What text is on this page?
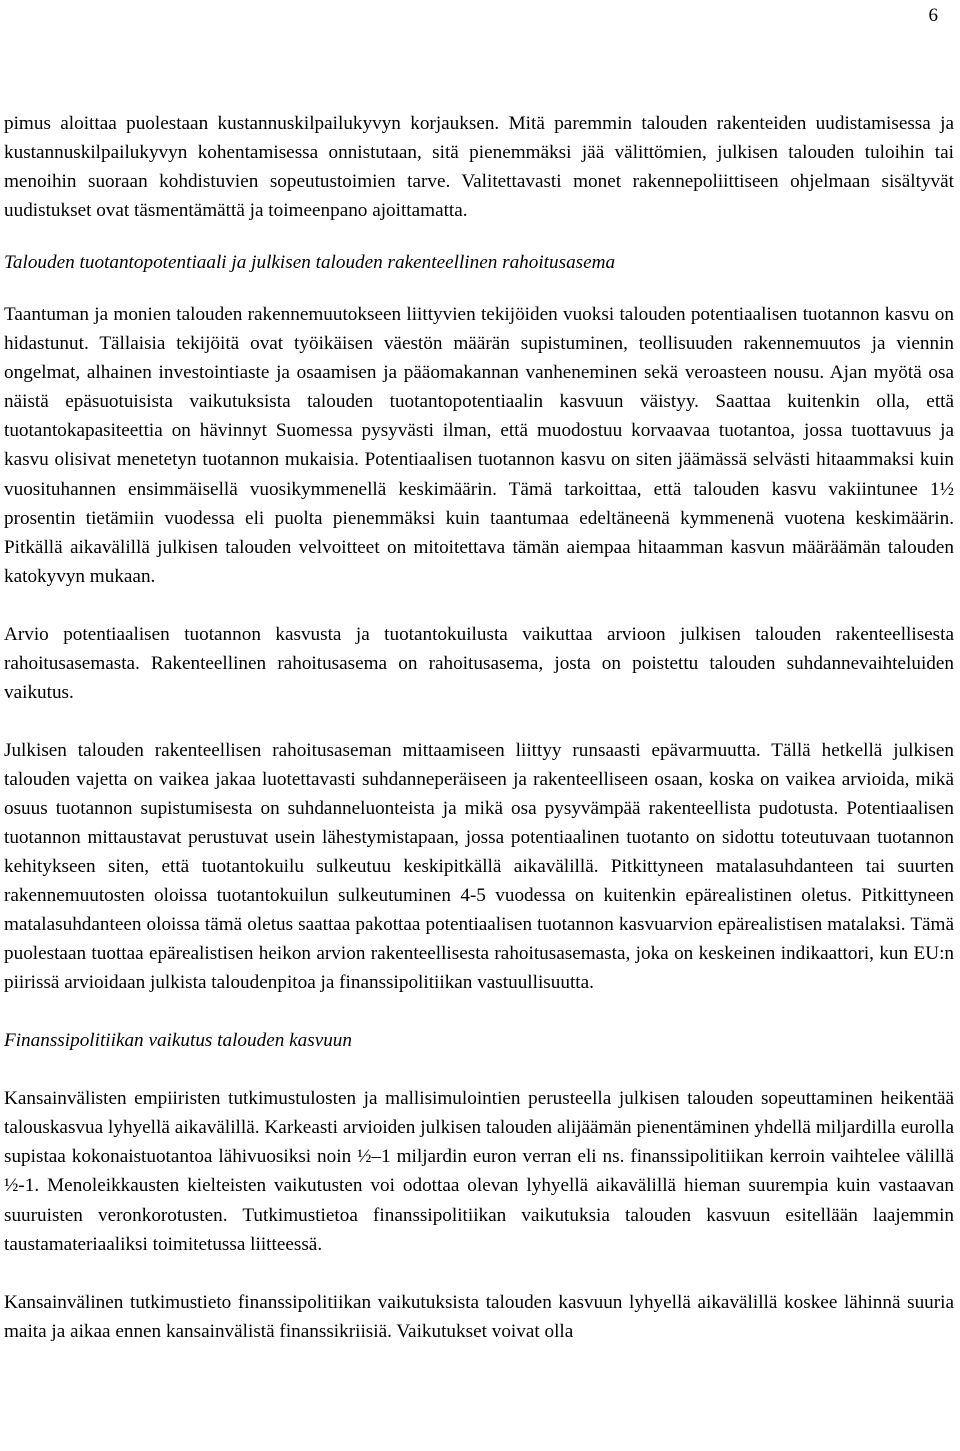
6

pimus aloittaa puolestaan kustannuskilpailukyvyn korjauksen. Mitä paremmin talouden rakenteiden uudistamisessa ja kustannuskilpailukyvyn kohentamisessa onnistutaan, sitä pienemmäksi jää välittömien, julkisen talouden tuloihin tai menoihin suoraan kohdistuvien sopeutustoimien tarve. Valitettavasti monet rakennepoliittiseen ohjelmaan sisältyvät uudistukset ovat täsmentämättä ja toimeenpano ajoittamatta.

Talouden tuotantopotentiaali ja julkisen talouden rakenteellinen rahoitusasema

Taantuman ja monien talouden rakennemuutokseen liittyvien tekijöiden vuoksi talouden potentiaalisen tuotannon kasvu on hidastunut. Tällaisia tekijöitä ovat työikäisen väestön määrän supistuminen, teollisuuden rakennemuutos ja viennin ongelmat, alhainen investointiaste ja osaamisen ja pääomakannan vanheneminen sekä veroasteen nousu. Ajan myötä osa näistä epäsuotuisista vaikutuksista talouden tuotantopotentiaalin kasvuun väistyy. Saattaa kuitenkin olla, että tuotantokapasiteettia on hävinnyt Suomessa pysyvästi ilman, että muodostuu korvaavaa tuotantoa, jossa tuottavuus ja kasvu olisivat menetetyn tuotannon mukaisia. Potentiaalisen tuotannon kasvu on siten jäämässä selvästi hitaammaksi kuin vuosituhannen ensimmäisellä vuosikymmenellä keskimäärin. Tämä tarkoittaa, että talouden kasvu vakiintunee 1½ prosentin tietämiin vuodessa eli puolta pienemmäksi kuin taantumaa edeltäneenä kymmenenä vuotena keskimäärin. Pitkällä aikavälillä julkisen talouden velvoitteet on mitoitettava tämän aiempaa hitaamman kasvun määräämän talouden katokyvyn mukaan.

Arvio potentiaalisen tuotannon kasvusta ja tuotantokuilusta vaikuttaa arvioon julkisen talouden rakenteellisesta rahoitusasemasta. Rakenteellinen rahoitusasema on rahoitusasema, josta on poistettu talouden suhdannevaihteluiden vaikutus.

Julkisen talouden rakenteellisen rahoitusaseman mittaamiseen liittyy runsaasti epävarmuutta. Tällä hetkellä julkisen talouden vajetta on vaikea jakaa luotettavasti suhdanneperäiseen ja rakenteelliseen osaan, koska on vaikea arvioida, mikä osuus tuotannon supistumisesta on suhdanneluonteista ja mikä osa pysyvämpää rakenteellista pudotusta. Potentiaalisen tuotannon mittaustavat perustuvat usein lähestymistapaan, jossa potentiaalinen tuotanto on sidottu toteutuvaan tuotannon kehitykseen siten, että tuotantokuilu sulkeutuu keskipitkällä aikavälillä. Pitkittyneen matalasuhdanteen tai suurten rakennemuutosten oloissa tuotantokuilun sulkeutuminen 4-5 vuodessa on kuitenkin epärealistinen oletus. Pitkittyneen matalasuhdanteen oloissa tämä oletus saattaa pakottaa potentiaalisen tuotannon kasvuarvion epärealistisen matalaksi. Tämä puolestaan tuottaa epärealistisen heikon arvion rakenteellisesta rahoitusasemasta, joka on keskeinen indikaattori, kun EU:n piirissä arvioidaan julkista taloudenpitoa ja finanssipolitiikan vastuullisuutta.

Finanssipolitiikan vaikutus talouden kasvuun

Kansainvälisten empiiristen tutkimustulosten ja mallisimulointien perusteella julkisen talouden sopeuttaminen heikentää talouskasvua lyhyellä aikavälillä. Karkeasti arvioiden julkisen talouden alijäämän pienentäminen yhdellä miljardilla eurolla supistaa kokonaistuotantoa lähivuosiksi noin ½–1 miljardin euron verran eli ns. finanssipolitiikan kerroin vaihtelee välillä ½-1. Menoleikkausten kielteisten vaikutusten voi odottaa olevan lyhyellä aikavälillä hieman suurempia kuin vastaavan suuruisten veronkorotusten. Tutkimustietoa finanssipolitiikan vaikutuksia talouden kasvuun esitellään laajemmin taustamateriaaliksi toimitetussa liitteessä.

Kansainvälinen tutkimustieto finanssipolitiikan vaikutuksista talouden kasvuun lyhyellä aikavälillä koskee lähinnä suuria maita ja aikaa ennen kansainvälistä finanssikriisiä. Vaikutukset voivat olla
